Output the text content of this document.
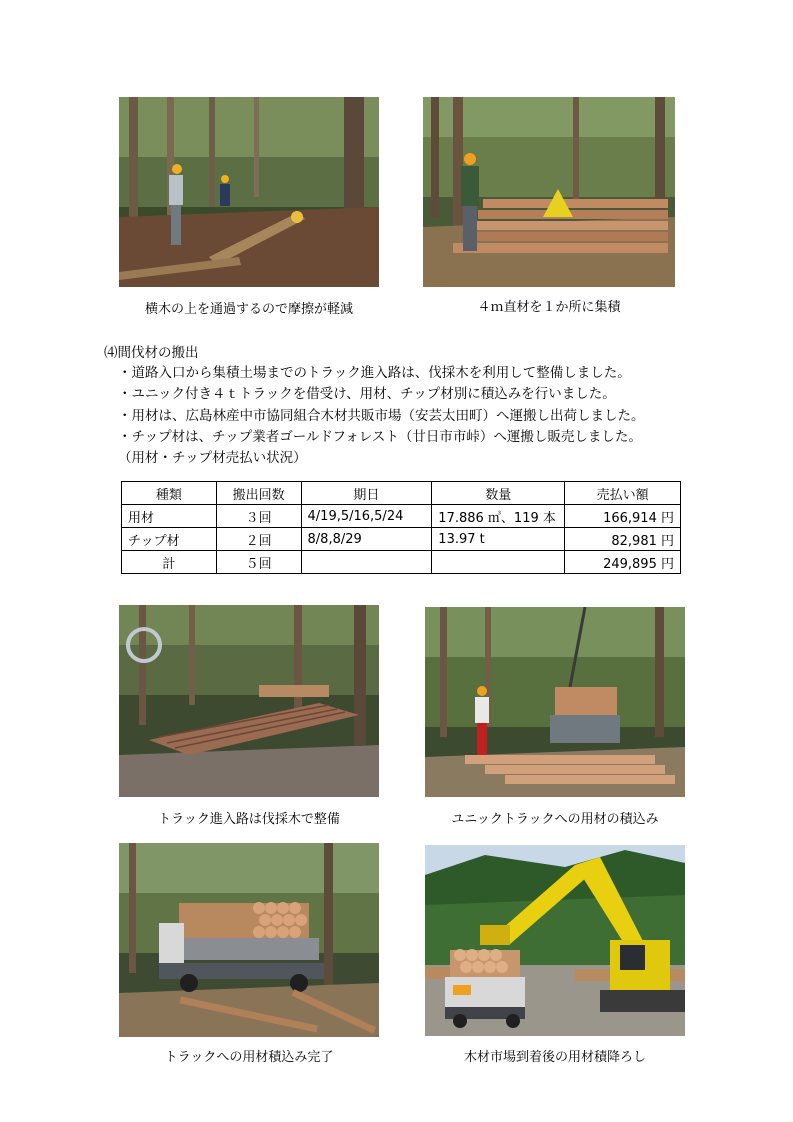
横木の上を通過するので摩擦が軽減	４ｍ直材を１か所に集積
⑷間伐材の搬出
・道路入口から集積土場までのトラック進入路は、伐採木を利用して整備しました。
・ユニック付き４ｔトラックを借受け、用材、チップ材別に積込みを行いました。
・用材は、広島林産中市協同組合木材共販市場（安芸太田町）へ運搬し出荷しました。
・チップ材は、チップ業者ゴールドフォレスト（廿日市市峠）へ運搬し販売しました。
（用材・チップ材売払い状況）
種類	搬出回数	期日	数量	売払い額
用材	３回	4/19,5/16,5/24	17.886 ㎥、119 本	166,914 円
チップ材	２回	8/8,8/29	13.97 t	82,981 円
計	５回			249,895 円
トラック進入路は伐採木で整備	ユニックトラックへの用材の積込み
トラックへの用材積込み完了	木材市場到着後の用材積降ろし
